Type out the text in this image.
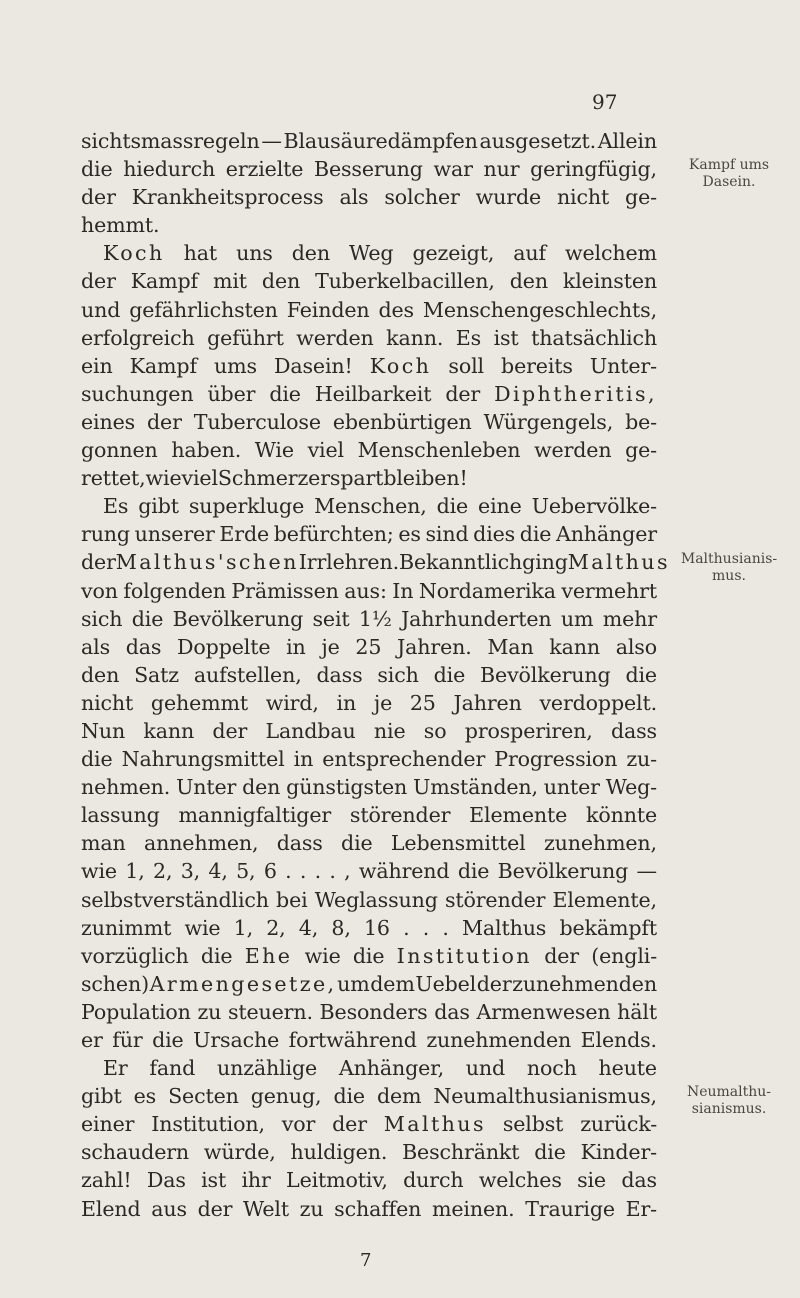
97
sichtsmassregeln — Blausäuredämpfen ausgesetzt. Allein
die hiedurch erzielte Besserung war nur geringfügig,
der Krankheitsprocess als solcher wurde nicht ge-
hemmt.
Koch hat uns den Weg gezeigt, auf welchem
der Kampf mit den Tuberkelbacillen, den kleinsten
und gefährlichsten Feinden des Menschengeschlechts,
erfolgreich geführt werden kann. Es ist thatsächlich
ein Kampf ums Dasein! Koch soll bereits Unter-
suchungen über die Heilbarkeit der Diphtheritis,
eines der Tuberculose ebenbürtigen Würgengels, be-
gonnen haben. Wie viel Menschenleben werden ge-
rettet, wie viel Schmerz erspart bleiben!
Es gibt superkluge Menschen, die eine Uebervölke-
rung unserer Erde befürchten; es sind dies die Anhänger
der Malthus'schen Irrlehren. Bekanntlich ging Malthus
von folgenden Prämissen aus: In Nordamerika vermehrt
sich die Bevölkerung seit 1½ Jahrhunderten um mehr
als das Doppelte in je 25 Jahren. Man kann also
den Satz aufstellen, dass sich die Bevölkerung die
nicht gehemmt wird, in je 25 Jahren verdoppelt.
Nun kann der Landbau nie so prosperiren, dass
die Nahrungsmittel in entsprechender Progression zu-
nehmen. Unter den günstigsten Umständen, unter Weg-
lassung mannigfaltiger störender Elemente könnte
man annehmen, dass die Lebensmittel zunehmen,
wie 1, 2, 3, 4, 5, 6 . . . . , während die Bevölkerung —
selbstverständlich bei Weglassung störender Elemente,
zunimmt wie 1, 2, 4, 8, 16 . . . Malthus bekämpft
vorzüglich die Ehe wie die Institution der (engli-
schen) Armengesetze, um dem Uebel der zunehmenden
Population zu steuern. Besonders das Armenwesen hält
er für die Ursache fortwährend zunehmenden Elends.
Er fand unzählige Anhänger, und noch heute
gibt es Secten genug, die dem Neumalthusianismus,
einer Institution, vor der Malthus selbst zurück-
schaudern würde, huldigen. Beschränkt die Kinder-
zahl! Das ist ihr Leitmotiv, durch welches sie das
Elend aus der Welt zu schaffen meinen. Traurige Er-
Kampf ums
Dasein.
Malthusianis-
mus.
Neumalthu-
sianismus.
7
